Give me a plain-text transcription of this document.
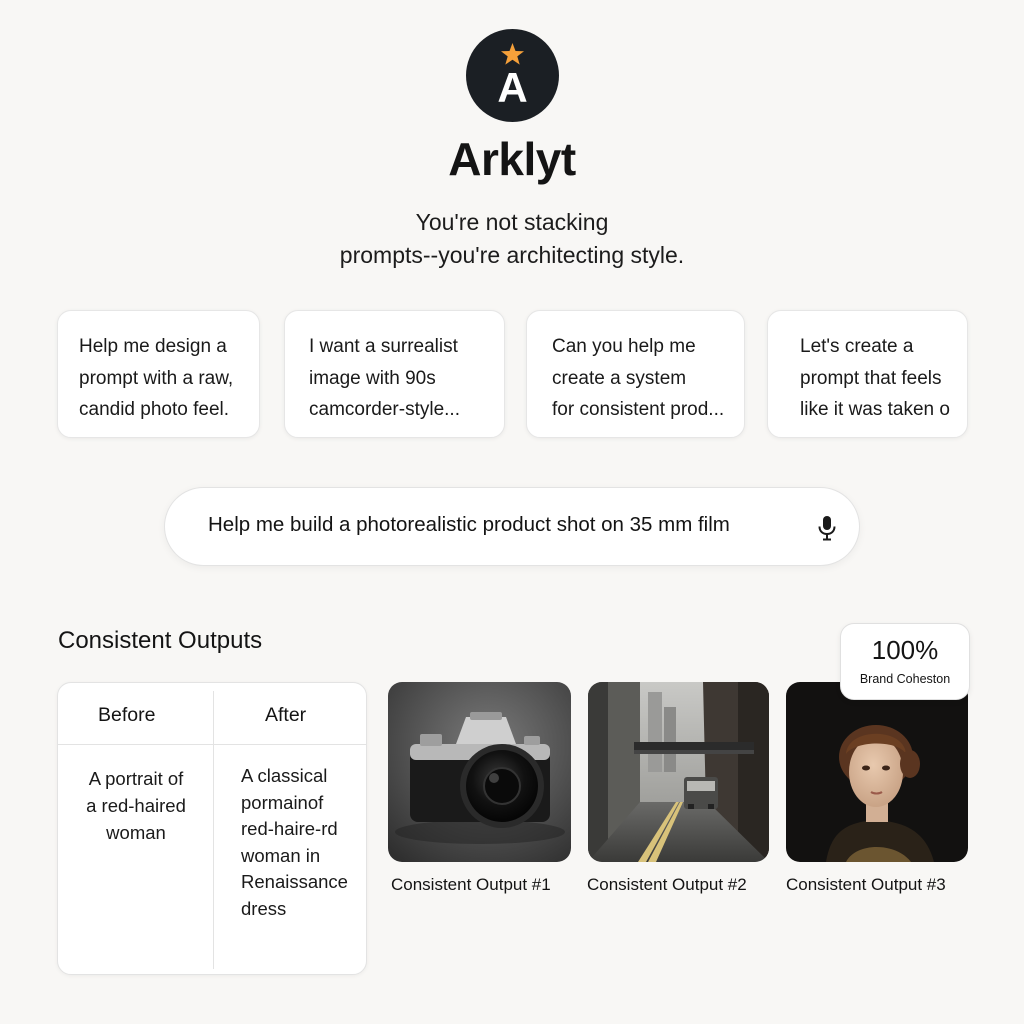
A
Arklyt
You're not stacking
prompts--you're architecting style.
Help me design a
prompt with a raw,
candid photo feel.
I want a surrealist
image with 90s
camcorder-style...
Can you help me
create a system
for consistent prod...
Let's create a
prompt that feels
like it was taken o
Help me build a photorealistic product shot on 35 mm film
Consistent Outputs
Before	After
A portrait of
a red-haired
woman
A classical
pormainof
red-haire-rd
woman in
Renaissance
dress
Consistent Output #1 Consistent Output #2 Consistent Output #3
100%
Brand Coheston
